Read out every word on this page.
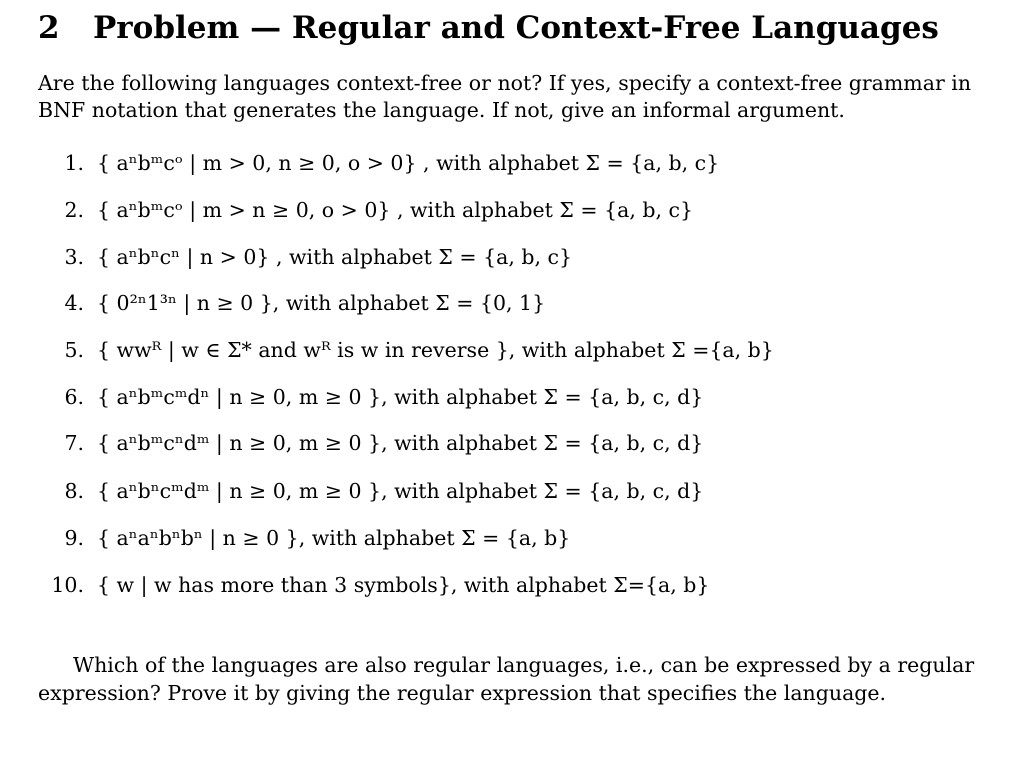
2 Problem — Regular and Context-Free Languages
Are the following languages context-free or not? If yes, specify a context-free grammar in
BNF notation that generates the language. If not, give an informal argument.
1. { aⁿbᵐcᵒ | m > 0, n ≥ 0, o > 0} , with alphabet Σ = {a, b, c}
2. { aⁿbᵐcᵒ | m > n ≥ 0, o > 0} , with alphabet Σ = {a, b, c}
3. { aⁿbⁿcⁿ | n > 0} , with alphabet Σ = {a, b, c}
4. { 0²ⁿ1³ⁿ | n ≥ 0 }, with alphabet Σ = {0, 1}
5. { wwᴿ | w ∈ Σ* and wᴿ is w in reverse }, with alphabet Σ ={a, b}
6. { aⁿbᵐcᵐdⁿ | n ≥ 0, m ≥ 0 }, with alphabet Σ = {a, b, c, d}
7. { aⁿbᵐcⁿdᵐ | n ≥ 0, m ≥ 0 }, with alphabet Σ = {a, b, c, d}
8. { aⁿbⁿcᵐdᵐ | n ≥ 0, m ≥ 0 }, with alphabet Σ = {a, b, c, d}
9. { aⁿaⁿbⁿbⁿ | n ≥ 0 }, with alphabet Σ = {a, b}
10. { w | w has more than 3 symbols}, with alphabet Σ={a, b}
Which of the languages are also regular languages, i.e., can be expressed by a regular
expression? Prove it by giving the regular expression that specifies the language.
